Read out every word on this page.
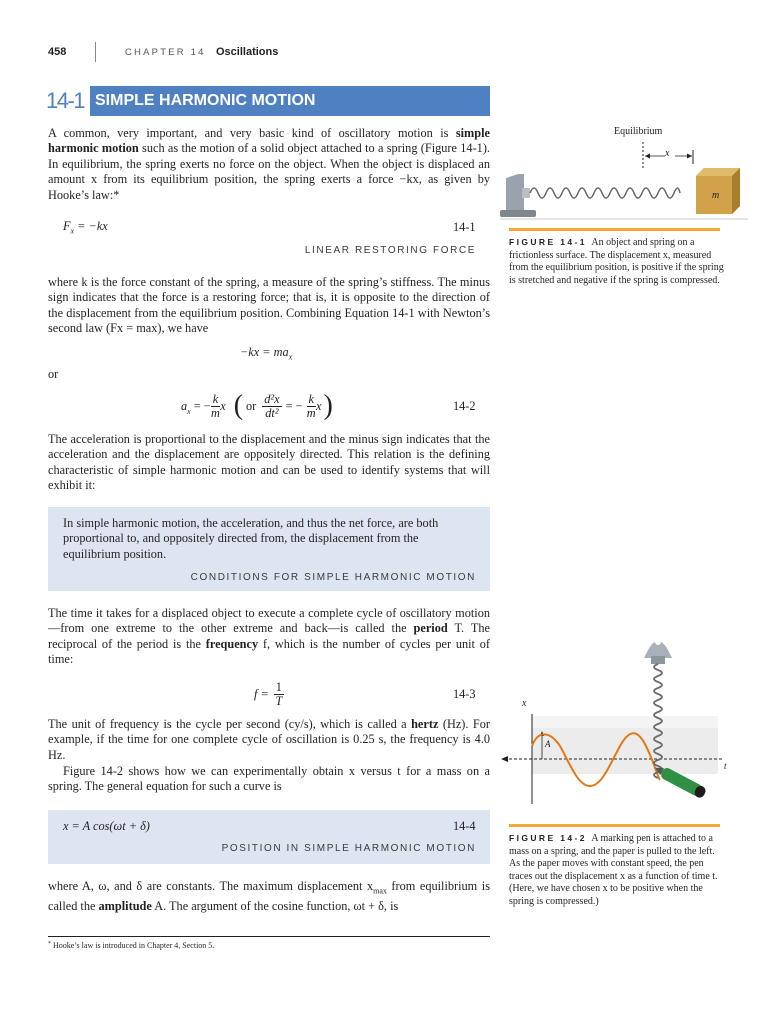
458	CHAPTER 14 Oscillations
14-1 SIMPLE HARMONIC MOTION
A common, very important, and very basic kind of oscillatory motion is simple harmonic motion such as the motion of a solid object attached to a spring (Figure 14-1). In equilibrium, the spring exerts no force on the object. When the object is displaced an amount x from its equilibrium position, the spring exerts a force −kx, as given by Hooke’s law:*
$F_x = -kx$	14-1
LINEAR RESTORING FORCE
where k is the force constant of the spring, a measure of the spring’s stiffness. The minus sign indicates that the force is a restoring force; that is, it is opposite to the direction of the displacement from the equilibrium position. Combining Equation 14-1 with Newton’s second law (Fx = max), we have
$-kx = ma_x$
or
$a_x$ = − $\frac{k}{m}$ x ( or $\frac{\text{d²x}}{\text{dt²}}$ = − $\frac{k}{m}$ x )	14-2
The acceleration is proportional to the displacement and the minus sign indicates that the acceleration and the displacement are oppositely directed. This relation is the defining characteristic of simple harmonic motion and can be used to identify systems that will exhibit it:
In simple harmonic motion, the acceleration, and thus the net force, are both proportional to, and oppositely directed from, the displacement from the equilibrium position.
CONDITIONS FOR SIMPLE HARMONIC MOTION
The time it takes for a displaced object to execute a complete cycle of oscillatory motion—from one extreme to the other extreme and back—is called the period T. The reciprocal of the period is the frequency f, which is the number of cycles per unit of time:
$f = \frac{1}{T}$	14-3
The unit of frequency is the cycle per second (cy/s), which is called a hertz (Hz). For example, if the time for one complete cycle of oscillation is 0.25 s, the frequency is 4.0 Hz.
Figure 14-2 shows how we can experimentally obtain x versus t for a mass on a spring. The general equation for such a curve is
x = A cos(ωt + δ)	14-4
POSITION IN SIMPLE HARMONIC MOTION
where A, ω, and δ are constants. The maximum displacement $x_{max}$ from equilibrium is called the amplitude A. The argument of the cosine function, ωt + δ, is
* Hooke’s law is introduced in Chapter 4, Section 5.
Equilibrium
x
m
FIGURE 14-1 An object and spring on a frictionless surface. The displacement x, measured from the equilibrium position, is positive if the spring is stretched and negative if the spring is compressed.
x
t
A
FIGURE 14-2 A marking pen is attached to a mass on a spring, and the paper is pulled to the left. As the paper moves with constant speed, the pen traces out the displacement x as a function of time t. (Here, we have chosen x to be positive when the spring is compressed.)
